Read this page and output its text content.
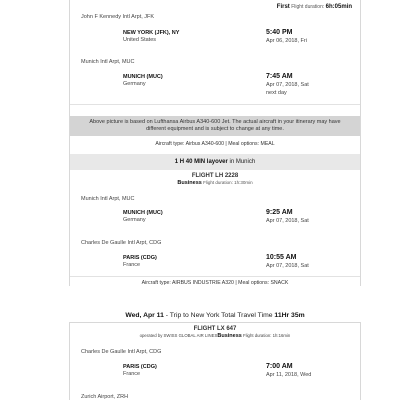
First Flight duration: 6h:05min
John F Kennedy Intl Arpt, JFK
NEW YORK (JFK), NY
United States
5:40 PM
Apr 06, 2018, Fri
Munich Intl Arpt, MUC
MUNICH (MUC)
Germany
7:45 AM
Apr 07, 2018, Sat
next day
Above picture is based on Lufthansa Airbus A340-600 Jet. The actual aircraft in your itinerary may have different equipment and is subject to change at any time.
Aircraft type: Airbus A340-600 | Meal options: MEAL
1 H 40 MIN layover in Munich
FLIGHT LH 2228
Business Flight duration: 1h:30min
Munich Intl Arpt, MUC
MUNICH (MUC)
Germany
9:25 AM
Apr 07, 2018, Sat
Charles De Gaulle Intl Arpt, CDG
PARIS (CDG)
France
10:55 AM
Apr 07, 2018, Sat
Aircraft type: AIRBUS INDUSTRIE A320 | Meal options: SNACK
Wed, Apr 11 - Trip to New York Total Travel Time 11Hr 35m
FLIGHT LX 647
operated by SWISS GLOBAL AIR LINESBusiness Flight duration: 1h:16min
Charles De Gaulle Intl Arpt, CDG
PARIS (CDG)
France
7:00 AM
Apr 11, 2018, Wed
Zurich Airport, ZRH
